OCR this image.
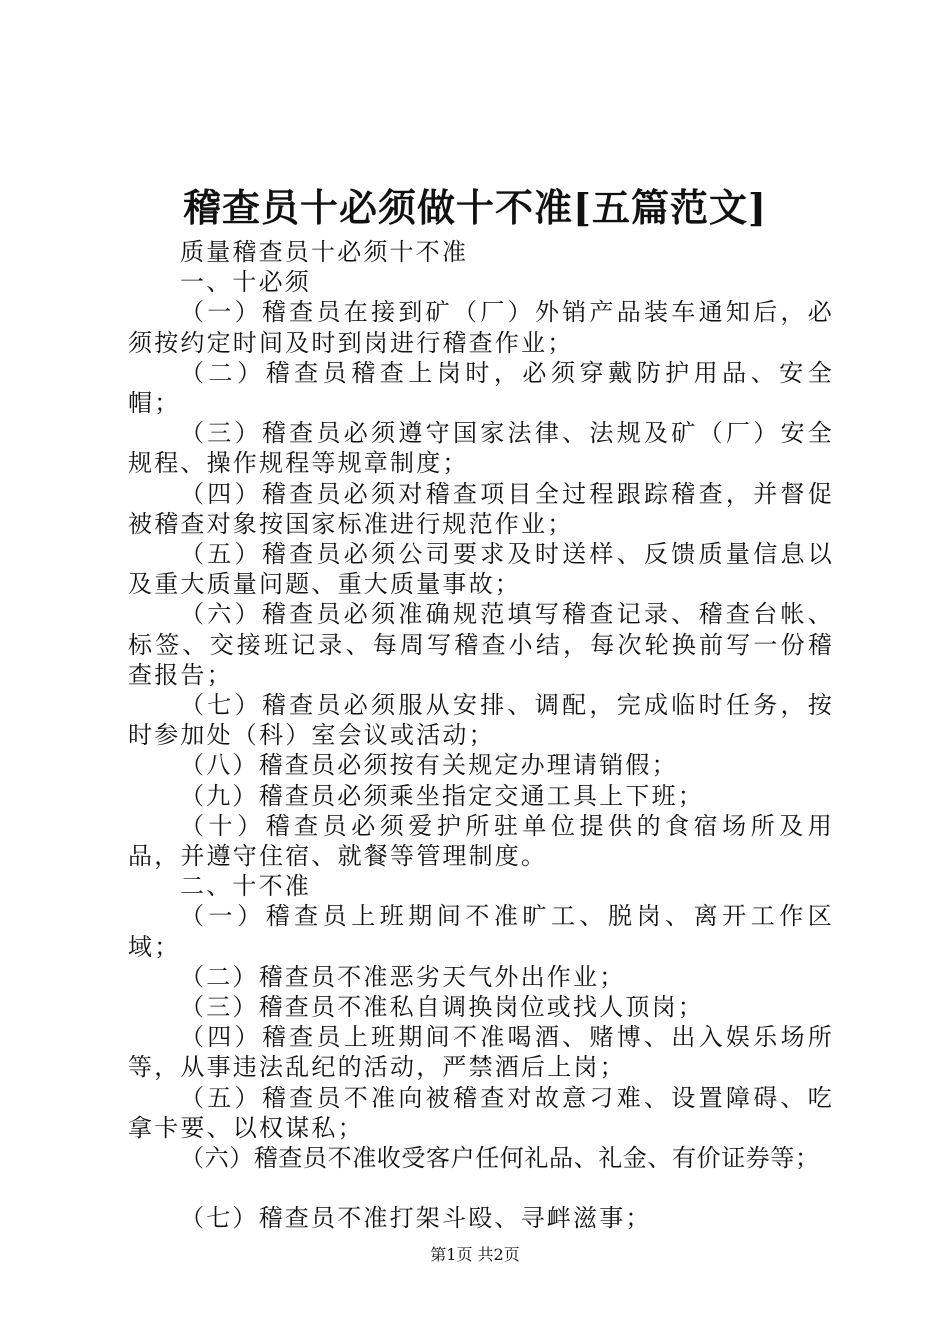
稽查员十必须做十不准[五篇范文]

质量稽查员十必须十不准

一、十必须

（一）稽查员在接到矿（厂）外销产品装车通知后，必须按约定时间及时到岗进行稽查作业；

（二）稽查员稽查上岗时，必须穿戴防护用品、安全帽；

（三）稽查员必须遵守国家法律、法规及矿（厂）安全规程、操作规程等规章制度；

（四）稽查员必须对稽查项目全过程跟踪稽查，并督促被稽查对象按国家标准进行规范作业；

（五）稽查员必须公司要求及时送样、反馈质量信息以及重大质量问题、重大质量事故；

（六）稽查员必须准确规范填写稽查记录、稽查台帐、标签、交接班记录、每周写稽查小结，每次轮换前写一份稽查报告；

（七）稽查员必须服从安排、调配，完成临时任务，按时参加处（科）室会议或活动；

（八）稽查员必须按有关规定办理请销假；

（九）稽查员必须乘坐指定交通工具上下班；

（十）稽查员必须爱护所驻单位提供的食宿场所及用品，并遵守住宿、就餐等管理制度。

二、十不准

（一）稽查员上班期间不准旷工、脱岗、离开工作区域；

（二）稽查员不准恶劣天气外出作业；

（三）稽查员不准私自调换岗位或找人顶岗；

（四）稽查员上班期间不准喝酒、赌博、出入娱乐场所等，从事违法乱纪的活动，严禁酒后上岗；

（五）稽查员不准向被稽查对故意刁难、设置障碍、吃拿卡要、以权谋私；

（六）稽查员不准收受客户任何礼品、礼金、有价证券等；

（七）稽查员不准打架斗殴、寻衅滋事；

第1页 共2页
